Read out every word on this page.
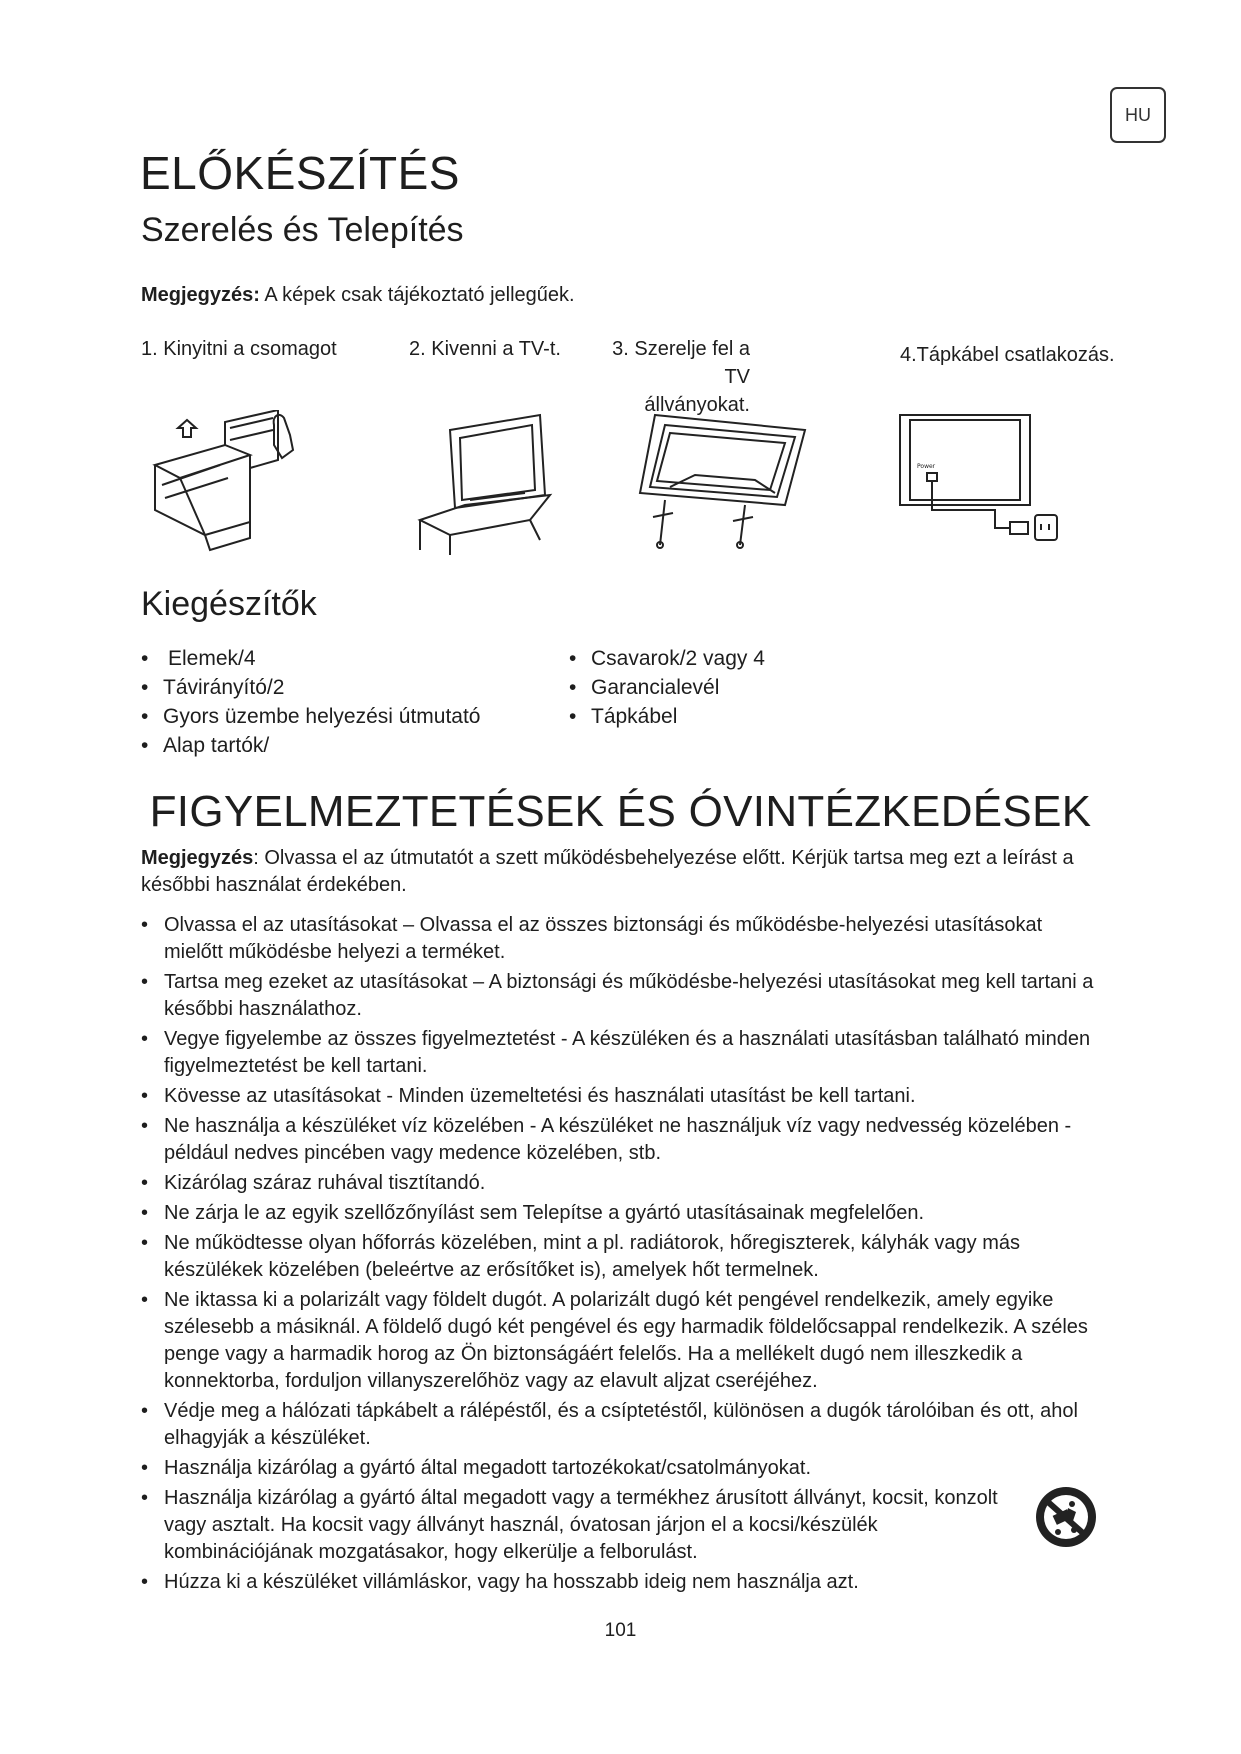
HU
ELŐKÉSZÍTÉS
Szerelés és Telepítés
Megjegyzés: A képek csak tájékoztató jellegűek.
1. Kinyitni a csomagot	2. Kivenni a TV-t.	3. Szerelje fel a TV
állványokat.
4.Tápkábel csatlakozás.
Power
Kiegészítők
• Elemek/4
• Távirányító/2
• Gyors üzembe helyezési útmutató
• Alap tartók/
• Csavarok/2 vagy 4
• Garancialevél
• Tápkábel
FIGYELMEZTETÉSEK ÉS ÓVINTÉZKEDÉSEK
Megjegyzés: Olvassa el az útmutatót a szett működésbehelyezése előtt. Kérjük tartsa meg ezt a leírást a későbbi használat érdekében.
• Olvassa el az utasításokat – Olvassa el az összes biztonsági és működésbe-helyezési utasításokat mielőtt működésbe helyezi a terméket.
• Tartsa meg ezeket az utasításokat – A biztonsági és működésbe-helyezési utasításokat meg kell tartani a későbbi használathoz.
• Vegye figyelembe az összes figyelmeztetést - A készüléken és a használati utasításban található minden figyelmeztetést be kell tartani.
• Kövesse az utasításokat - Minden üzemeltetési és használati utasítást be kell tartani.
• Ne használja a készüléket víz közelében - A készüléket ne használjuk víz vagy nedvesség közelében - például nedves pincében vagy medence közelében, stb.
• Kizárólag száraz ruhával tisztítandó.
• Ne zárja le az egyik szellőzőnyílást sem Telepítse a gyártó utasításainak megfelelően.
• Ne működtesse olyan hőforrás közelében, mint a pl. radiátorok, hőregiszterek, kályhák vagy más készülékek közelében (beleértve az erősítőket is), amelyek hőt termelnek.
• Ne iktassa ki a polarizált vagy földelt dugót. A polarizált dugó két pengével rendelkezik, amely egyike szélesebb a másiknál. A földelő dugó két pengével és egy harmadik földelőcsappal rendelkezik. A széles penge vagy a harmadik horog az Ön biztonságáért felelős. Ha a mellékelt dugó nem illeszkedik a konnektorba, forduljon villanyszerelőhöz vagy az elavult aljzat cseréjéhez.
• Védje meg a hálózati tápkábelt a rálépéstől, és a csíptetéstől, különösen a dugók tárolóiban és ott, ahol elhagyják a készüléket.
• Használja kizárólag a gyártó által megadott tartozékokat/csatolmányokat.
• Használja kizárólag a gyártó által megadott vagy a termékhez árusított állványt, kocsit, konzolt vagy asztalt. Ha kocsit vagy állványt használ, óvatosan járjon el a kocsi/készülék kombinációjának mozgatásakor, hogy elkerülje a felborulást.
• Húzza ki a készüléket villámláskor, vagy ha hosszabb ideig nem használja azt.
101
